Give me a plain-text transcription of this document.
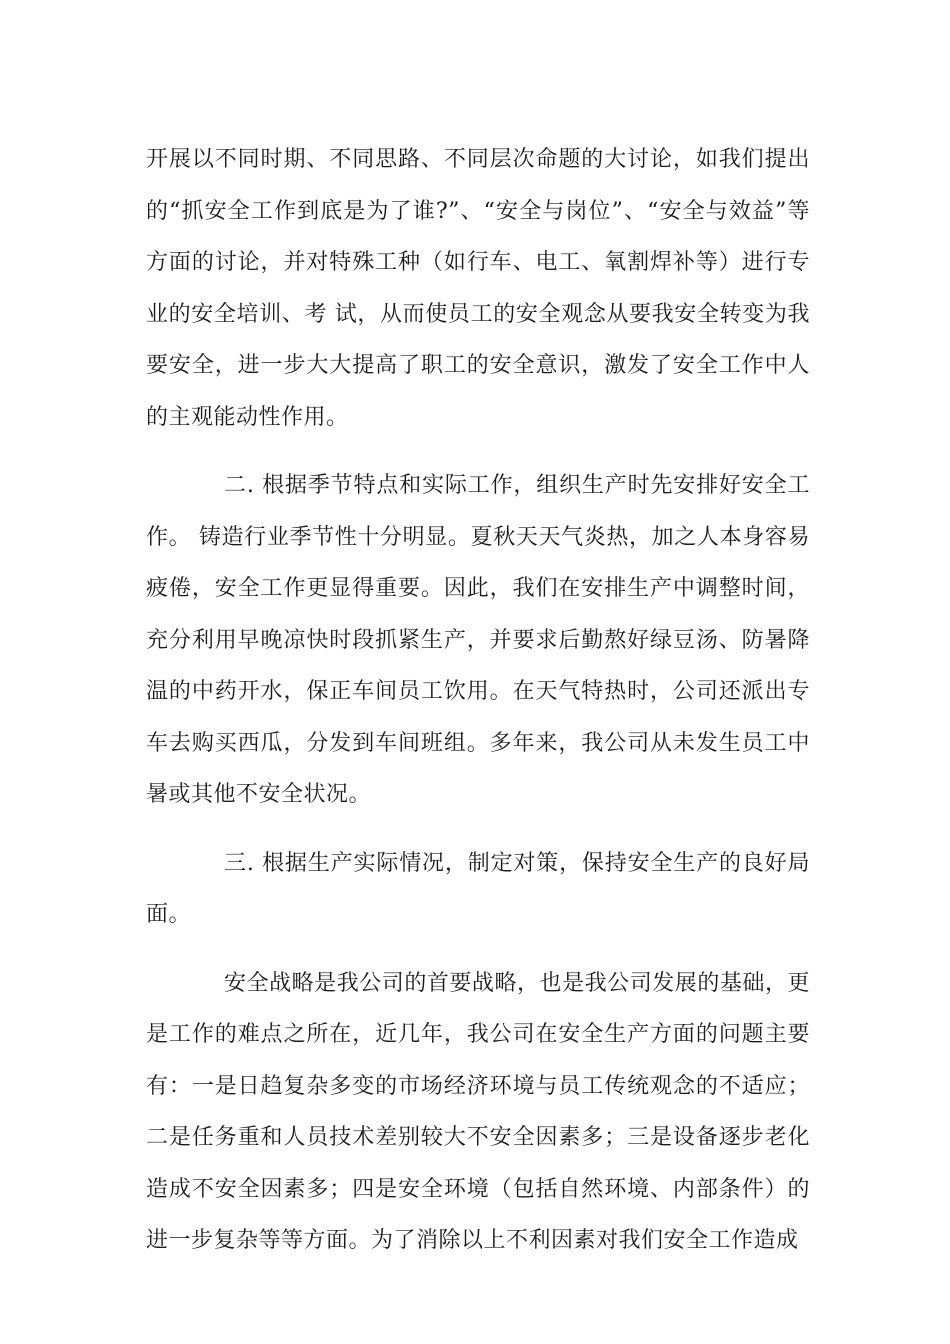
开展以不同时期、不同思路、不同层次命题的大讨论，如我们提出的“抓安全工作到底是为了谁?”、“安全与岗位”、“安全与效益”等方面的讨论，并对特殊工种（如行车、电工、氧割焊补等）进行专业的安全培训、考 试，从而使员工的安全观念从要我安全转变为我要安全，进一步大大提高了职工的安全意识，激发了安全工作中人的主观能动性作用。

二. 根据季节特点和实际工作，组织生产时先安排好安全工作。 铸造行业季节性十分明显。夏秋天天气炎热，加之人本身容易疲倦，安全工作更显得重要。因此，我们在安排生产中调整时间，充分利用早晚凉快时段抓紧生产，并要求后勤熬好绿豆汤、防暑降温的中药开水，保正车间员工饮用。在天气特热时，公司还派出专车去购买西瓜，分发到车间班组。多年来，我公司从未发生员工中暑或其他不安全状况。

三. 根据生产实际情况，制定对策，保持安全生产的良好局面。

安全战略是我公司的首要战略，也是我公司发展的基础，更是工作的难点之所在，近几年，我公司在安全生产方面的问题主要有：一是日趋复杂多变的市场经济环境与员工传统观念的不适应；二是任务重和人员技术差别较大不安全因素多；三是设备逐步老化造成不安全因素多；四是安全环境（包括自然环境、内部条件）的进一步复杂等等方面。为了消除以上不利因素对我们安全工作造成
